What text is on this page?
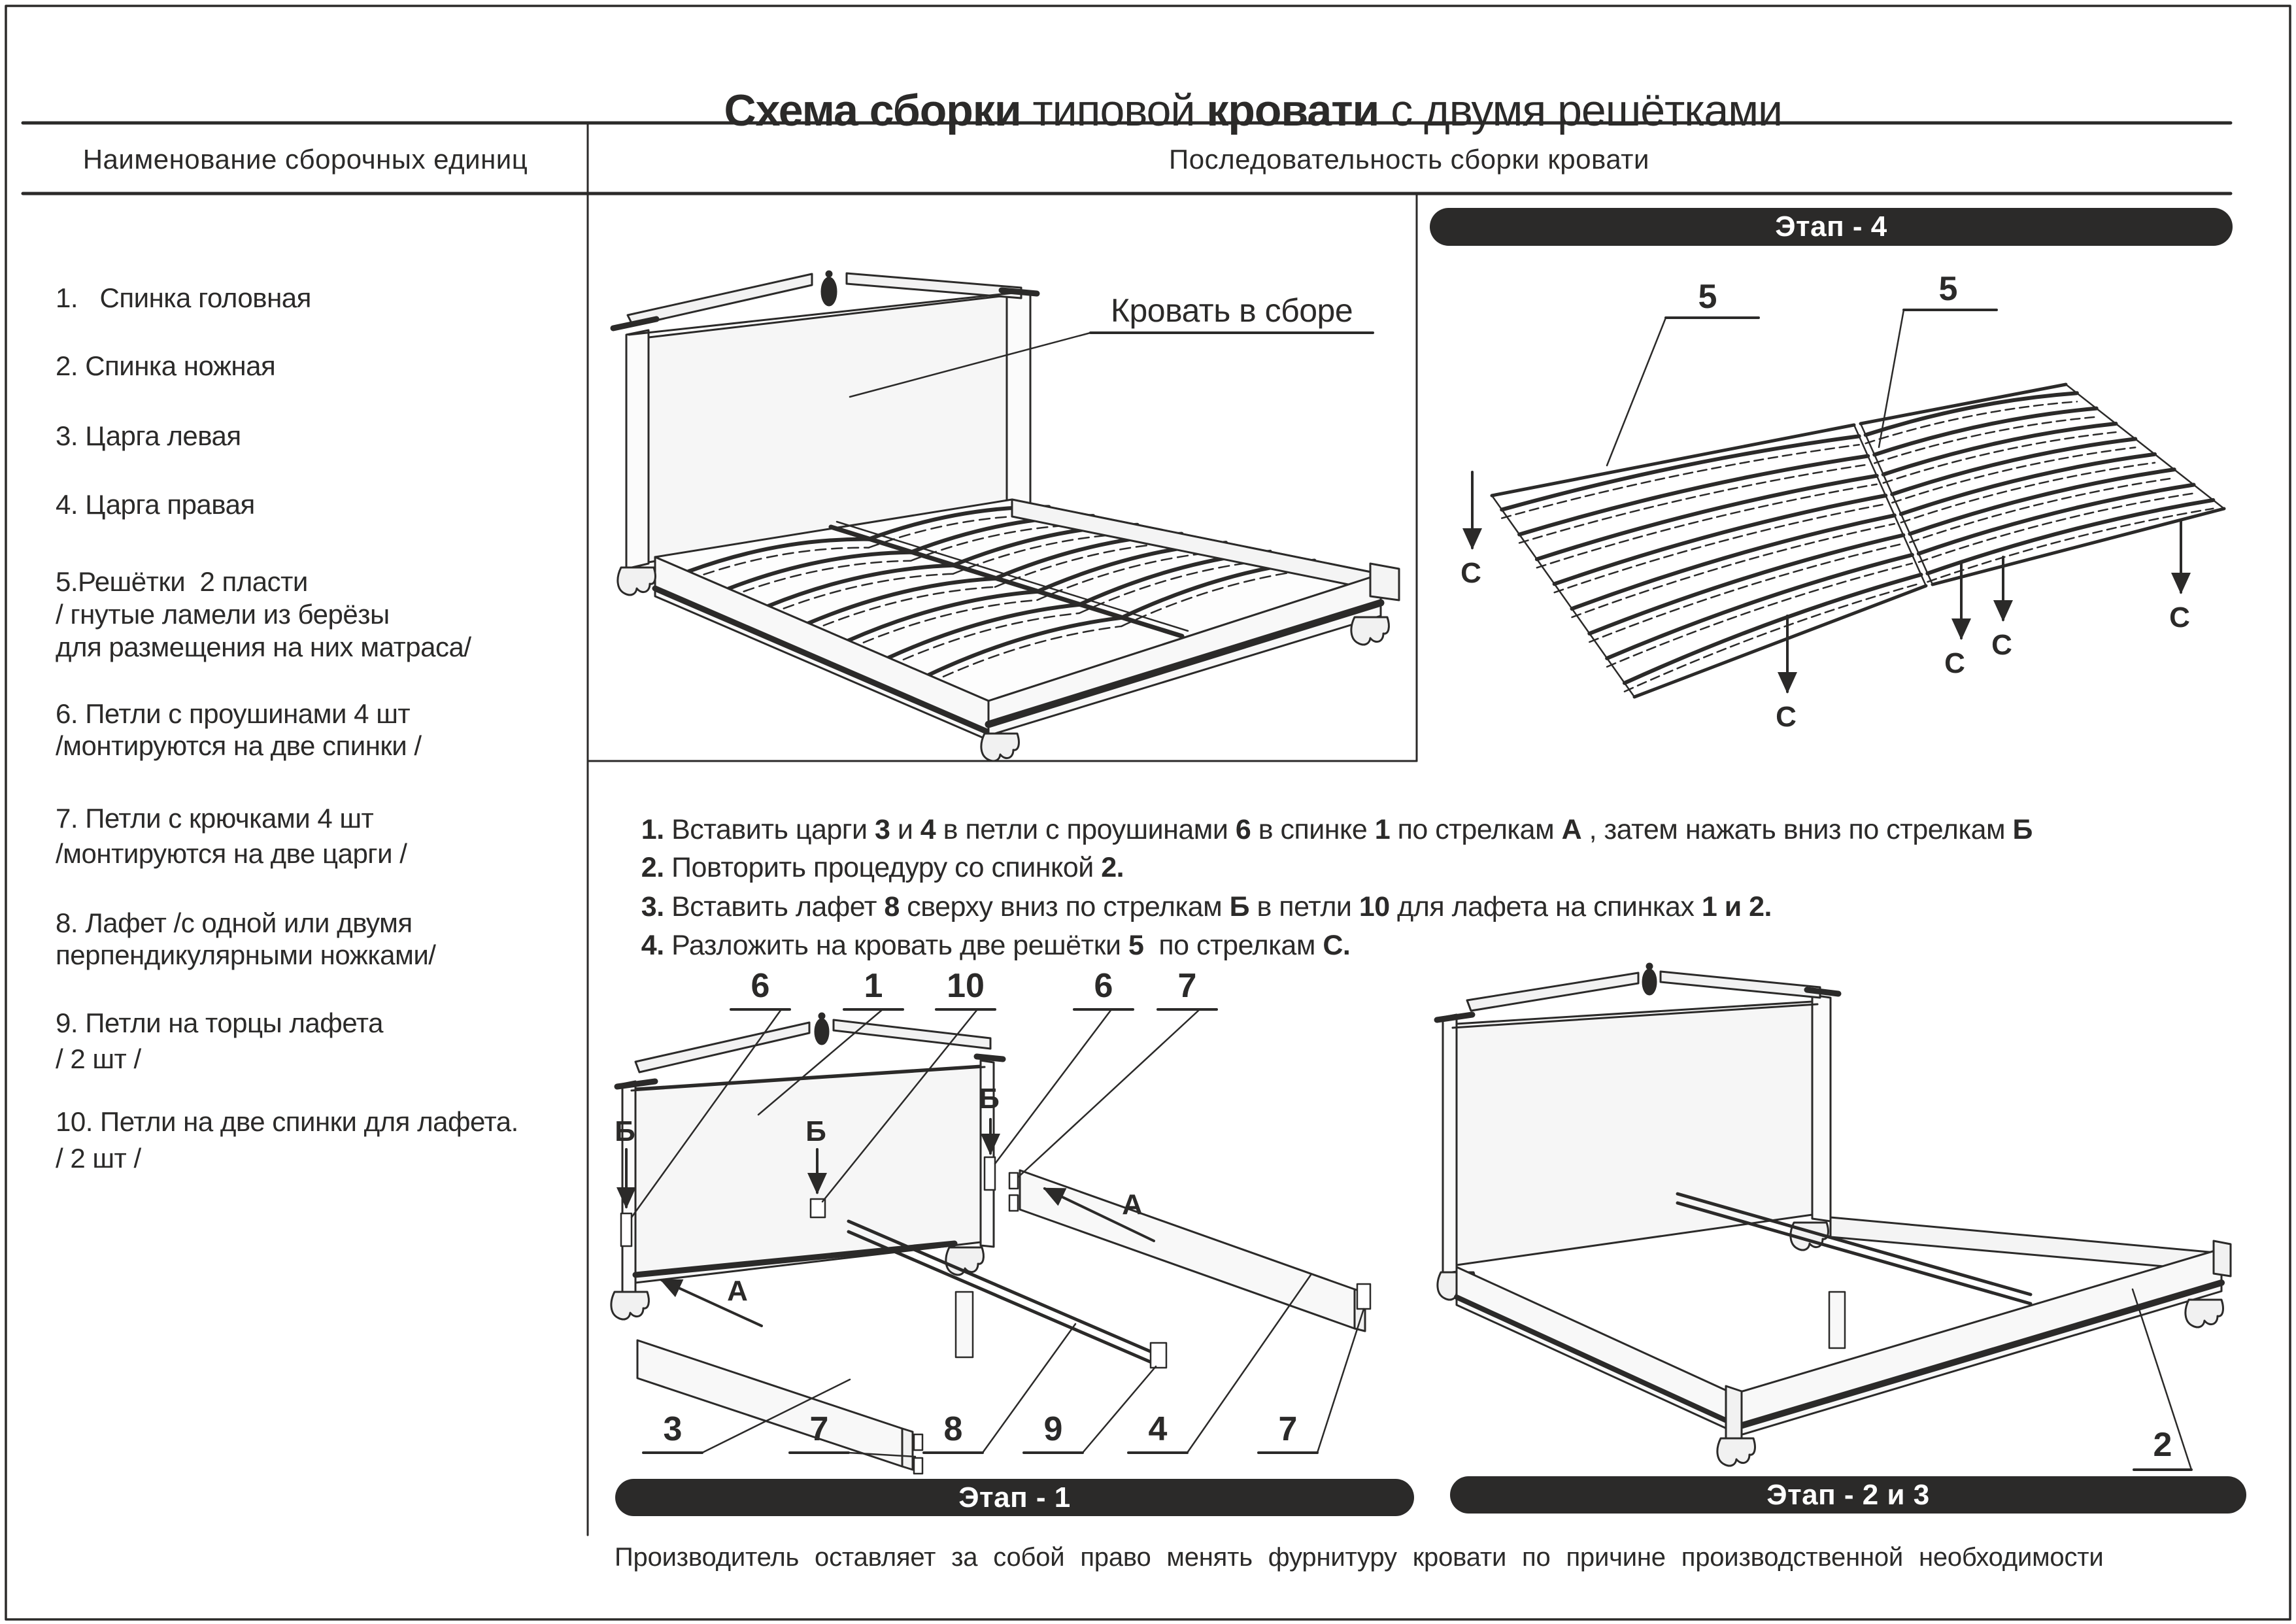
Схема сборки типовой кровати с двумя решётками

Наименование сборочных единиц	Последовательность сборки кровати
1.   Спинка головная
2. Спинка ножная
3. Царга левая
4. Царга правая
5.Решётки  2 пласти
/ гнутые ламели из берёзы
для размещения на них матраса/
6. Петли с проушинами 4 шт
/монтируются на две спинки /
7. Петли с крючками 4 шт
/монтируются на две царги /
8. Лафет /с одной или двумя
перпендикулярными ножками/
9. Петли на торцы лафета
/ 2 шт /
10. Петли на две спинки для лафета.
/ 2 шт /
Кровать в сборе
Этап - 4
Этап - 1	Этап - 2 и 3

1. Вставить царги 3 и 4 в петли с проушинами 6 в спинке 1 по стрелкам А , затем нажать вниз по стрелкам Б

2. Повторить процедуру со спинкой 2.

3. Вставить лафет 8 сверху вниз по стрелкам Б в петли 10 для лафета на спинках 1 и 2.

4. Разложить на кровать две решётки 5  по стрелкам С.

5	5
С
С
С
С
С
6	1 10	6 7
Б	Б
Б
А
А
3	7	8 9	4	7	2
Производитель оставляет за собой право менять фурнитуру кровати по причине производственной необходимости
